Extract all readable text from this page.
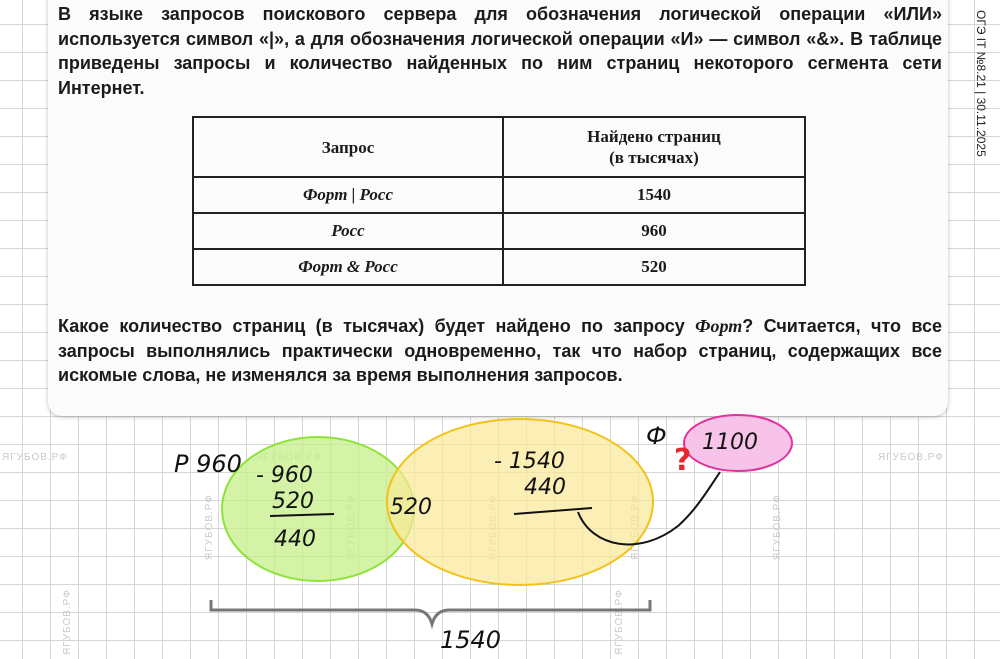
ЯГУБОВ.РФ	ЯГУБОВ.РФ
ЯГУБОВ.РФ	ЯГУБОВ.РФ
ЯГУБОВ.РФ
ЯГУБОВ.РФ

В языке запросов поискового сервера для обозначения логической операции «ИЛИ» используется символ «|», а для обозначения логической операции «И» — символ «&». В таблице приведены запросы и количество найденных по ним страниц некоторого сегмента сети Интернет.

Запрос	Найдено страниц
(в тысячах)
Форт | Росс	1540
Росс	960
Форт & Росс	520

Какое количество страниц (в тысячах) будет найдено по запросу Форт? Считается, что все запросы выполнялись практически одновременно, так что набор страниц, содержащих все искомые слова, не изменялся за время выполнения запросов.

ОГЭ IT №8.21 | 30.11.2025
Р 960 - 960
520
440
520
- 1540
440
Ф
?
1100
1540
